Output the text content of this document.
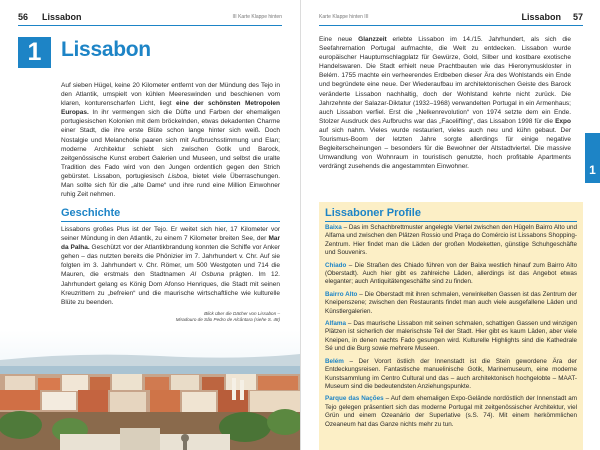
56 Lissabon	III Karte Klappe hinten
1 Lissabon
Auf sieben Hügel, keine 20 Kilometer entfernt von der Mündung des Tejo in den Atlantik, umspielt von kühlen Meereswinden und beschienen vom klaren, konturenscharfen Licht, liegt eine der schönsten Metropolen Europas. In ihr vermengen sich die Düfte und Farben der ehemaligen portugiesischen Kolonien mit dem bröckelnden, etwas dekadenten Charme einer Stadt, die ihre erste Blüte schon lange hinter sich weiß. Doch Nostalgie und Melancholie paaren sich mit Aufbruchsstimmung und Elan; moderne Architektur schiebt sich zwischen Gotik und Barock, zeitgenössische Kunst erobert Galerien und Museen, und selbst die uralte Tradition des Fado wird von den Jungen ordentlich gegen den Strich gebürstet. Lissabon, portugiesisch Lisboa, bietet viele Überraschungen. Man sollte sich für die „alte Dame“ und ihre rund eine Million Einwohner ruhig Zeit nehmen.
Geschichte
Lissabons großes Plus ist der Tejo. Er weitet sich hier, 17 Kilometer vor seiner Mündung in den Atlantik, zu einem 7 Kilometer breiten See, der Mar da Palha. Geschützt vor der Atlantikbrandung konnten die Schiffe vor Anker gehen – das nutzten bereits die Phönizier im 7. Jahrhundert v. Chr. Auf sie folgten im 3. Jahrhundert v. Chr. Römer, um 500 Westgoten und 714 die Mauren, die erstmals den Stadtnamen Al Osbuna prägten. Im 12. Jahrhundert gelang es König Dom Afonso Henriques, die Stadt mit seinen Kreuzrittern zu „befreien“ und die maurische wirtschaftliche wie kulturelle Blüte zu beenden.
Blick über die Dächer von Lissabon –
Miradouro de São Pedro de Alcântara (siehe S. 48)
Karte Klappe hinten III	Lissabon 57
Eine neue Glanzzeit erlebte Lissabon im 14./15. Jahrhundert, als sich die Seefahrernation Portugal aufmachte, die Welt zu entdecken. Lissabon wurde europäischer Hauptumschlagplatz für Gewürze, Gold, Silber und kostbare exotische Handelswaren. Die Stadt erhielt neue Prachtbauten wie das Hieronymuskloster in Belém. 1755 machte ein verheerendes Erdbeben dieser Ära des Wohlstands ein Ende und begründete eine neue. Der Wiederaufbau im architektonischen Geiste des Barock veränderte Lissabon nachhaltig, doch der Wohlstand kehrte nicht zurück. Die Jahrzehnte der Salazar-Diktatur (1932–1968) verwandelten Portugal in ein Armenhaus; auch Lissabon verfiel. Erst die „Nelkenrevolution“ von 1974 setzte dem ein Ende. Stolzer Ausdruck des Aufbruchs war das „Facelifting“, das Lissabon 1998 für die Expo auf sich nahm. Vieles wurde restauriert, vieles auch neu und kühn gebaut. Der Tourismus-Boom der letzten Jahre sorgte allerdings für einige negative Begleiterscheinungen – besonders für die Bewohner der Altstadtviertel. Die massive Umwandlung von Wohnraum in touristisch genutzte, hoch profitable Apartments verdrängt zusehends die angestammten Einwohner.	1
Lissaboner Profile
Baixa – Das im Schachbrettmuster angelegte Viertel zwischen den Hügeln Bairro Alto und Alfama und zwischen den Plätzen Rossio und Praça do Comércio ist Lissabons Shopping-Zentrum. Hier findet man die Läden der großen Modeketten, günstige Schuhgeschäfte und Souvenirs.
Chiado – Die Straßen des Chiado führen von der Baixa westlich hinauf zum Bairro Alto (Oberstadt). Auch hier gibt es zahlreiche Läden, allerdings ist das Angebot etwas eleganter; auch Antiquitätengeschäfte sind zu finden.
Bairro Alto – Die Oberstadt mit ihren schmalen, verwinkelten Gassen ist das Zentrum der Kneipenszene; zwischen den Restaurants findet man auch viele ausgefallene Läden und Künstlergalerien.
Alfama – Das maurische Lissabon mit seinen schmalen, schattigen Gassen und winzigen Plätzen ist sicherlich der malerischste Teil der Stadt. Hier gibt es kaum Läden, aber viele Kneipen, in denen nachts Fado gesungen wird. Kulturelle Highlights sind die Kathedrale Sé und die Burg sowie mehrere Museen.
Belém – Der Vorort östlich der Innenstadt ist die Stein gewordene Ära der Entdeckungsreisen. Fantastische manuelinische Gotik, Marinemuseum, eine moderne Kunstsammlung im Centro Cultural und das – auch architektonisch hochgelobte – MAAT-Museum sind die bedeutendsten Anziehungspunkte.
Parque das Nações – Auf dem ehemaligen Expo-Gelände nordöstlich der Innenstadt am Tejo gelegen präsentiert sich das moderne Portugal mit zeitgenössischer Architektur, viel Grün und einem Ozeanário der Superlative (s.S. 74). Mit einem herkömmlichen Ozeaneum hat das Ganze nichts mehr zu tun.
